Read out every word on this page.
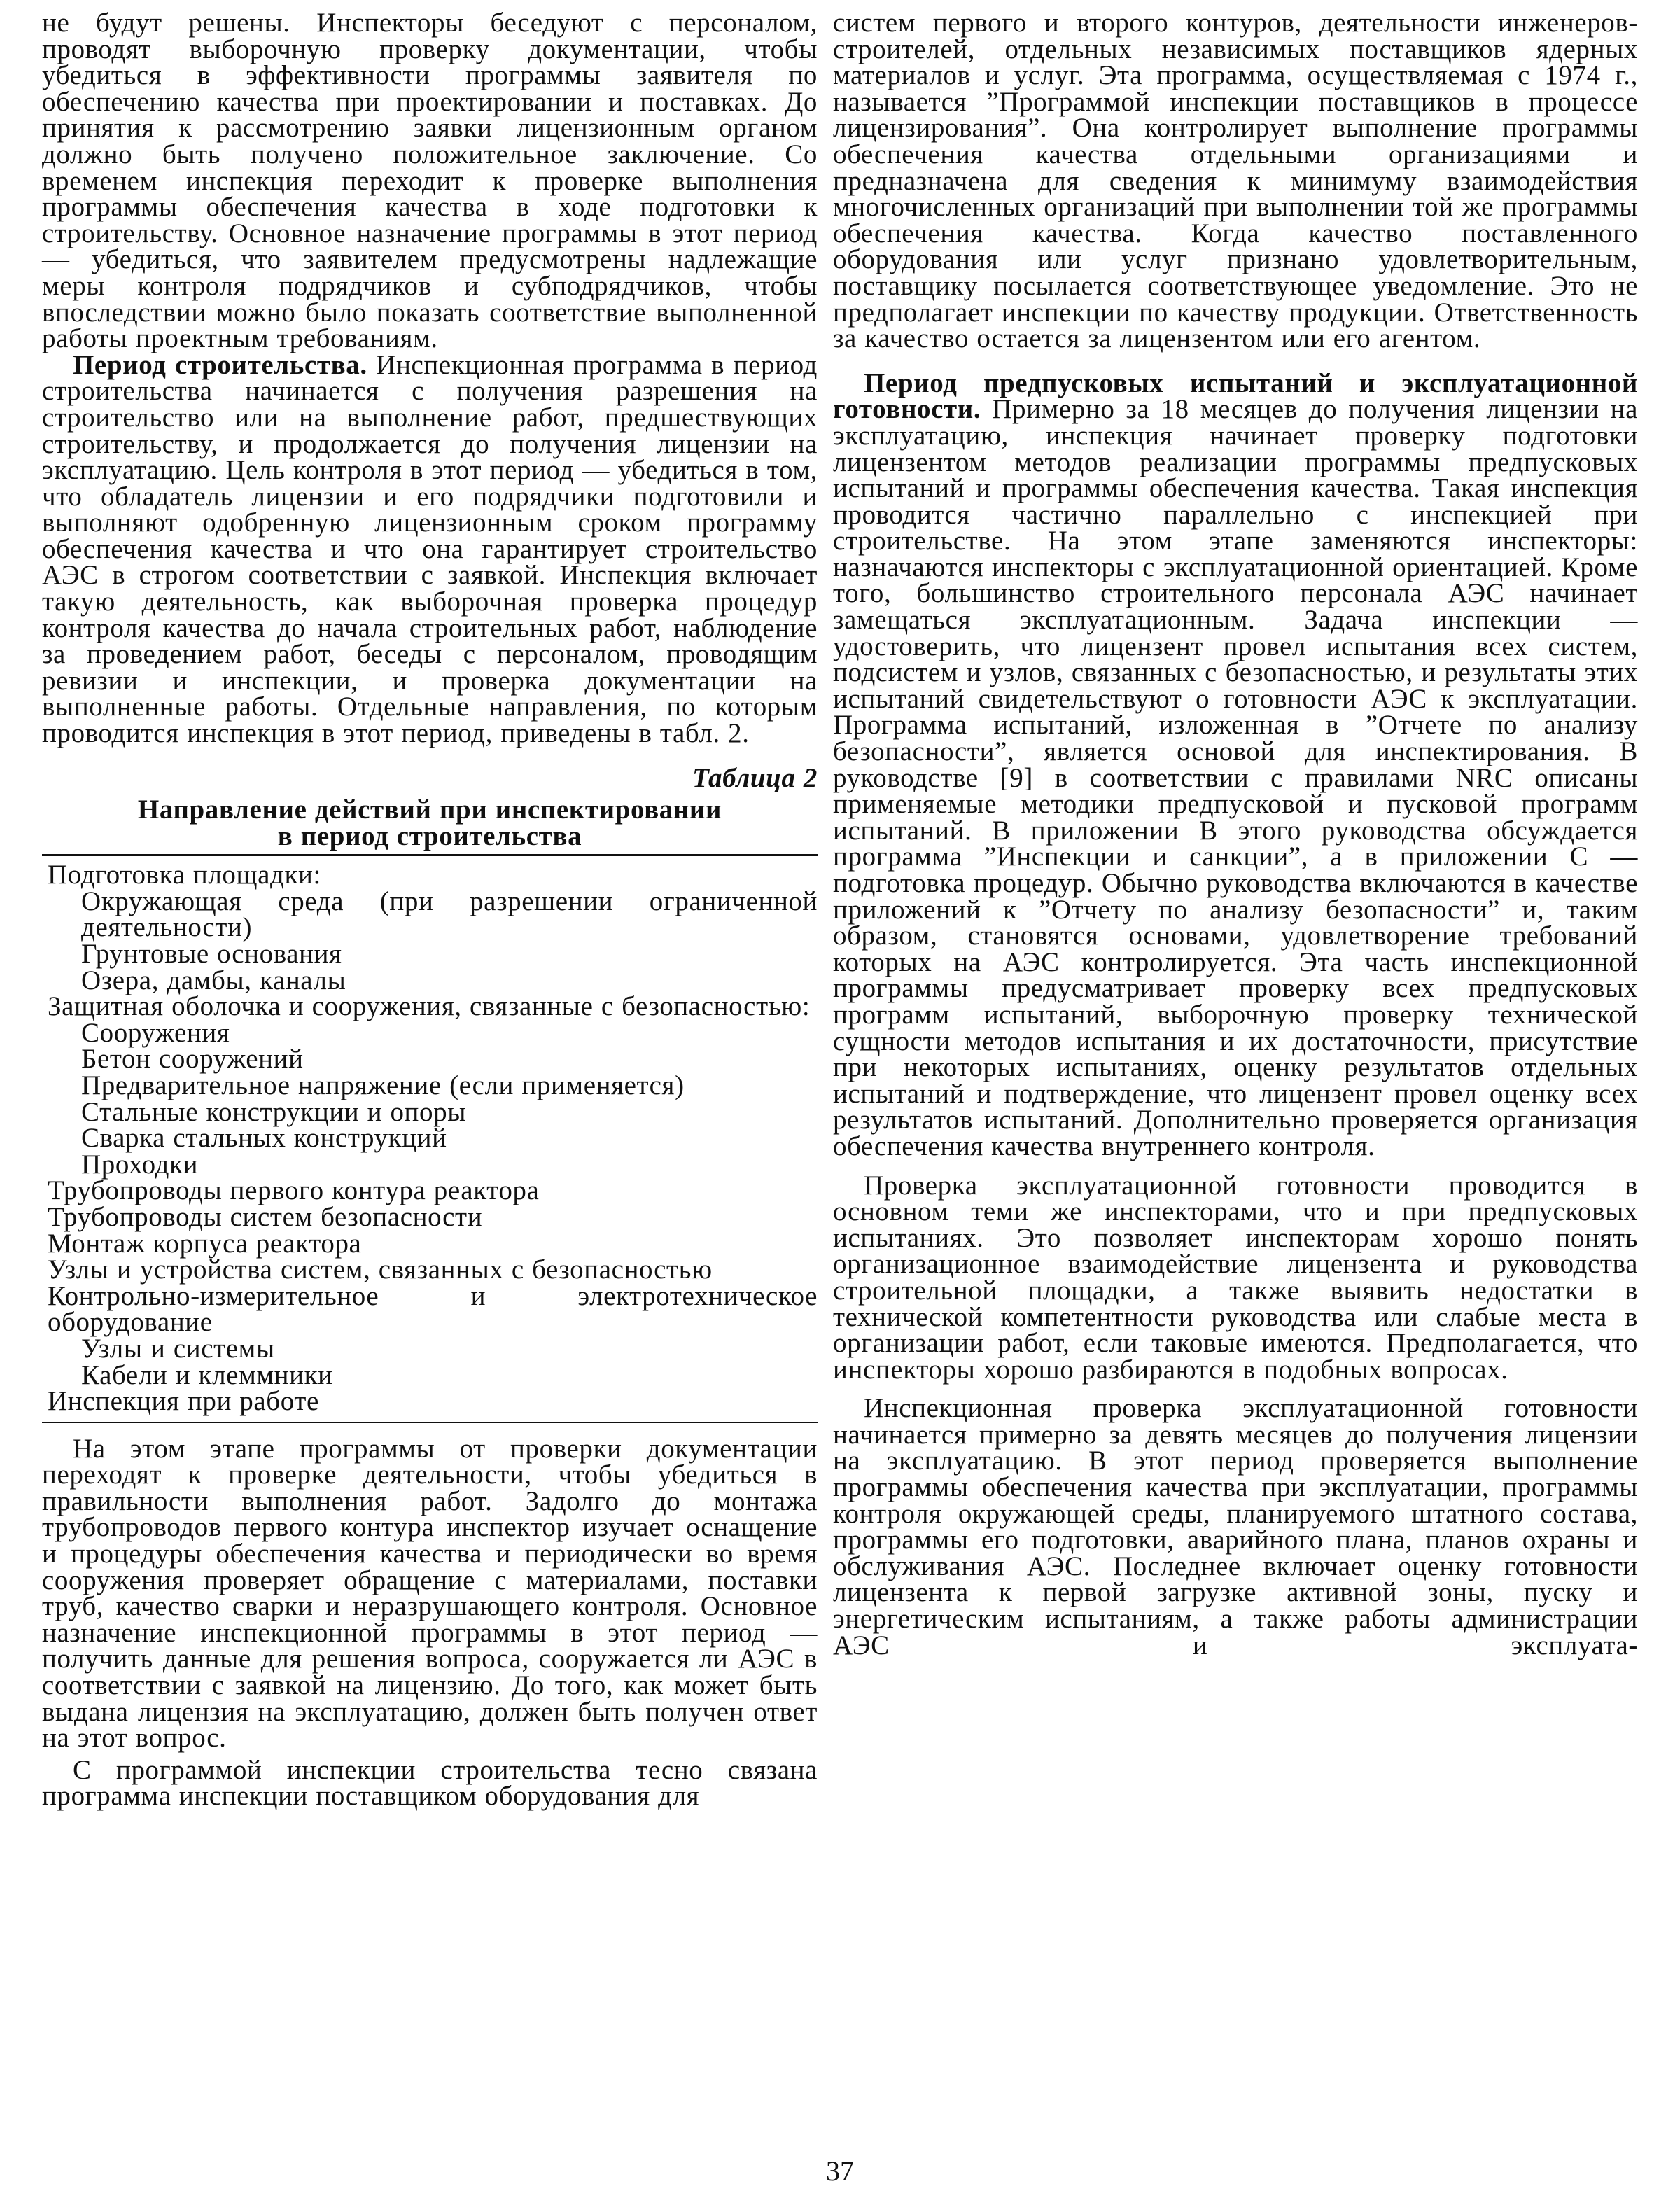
не будут решены. Инспекторы беседуют с персоналом, проводят выборочную проверку документации, чтобы убедиться в эффективности программы заявителя по обеспечению качества при проектировании и поставках. До принятия к рассмотрению заявки лицензионным органом должно быть получено положительное заключение. Со временем инспекция переходит к проверке выполнения программы обеспечения качества в ходе подготовки к строительству. Основное назначение программы в этот период — убедиться, что заявителем предусмотрены надлежащие меры контроля подрядчиков и субподрядчиков, чтобы впоследствии можно было показать соответствие выполненной работы проектным требованиям.

Период строительства. Инспекционная программа в период строительства начинается с получения разрешения на строительство или на выполнение работ, предшествующих строительству, и продолжается до получения лицензии на эксплуатацию. Цель контроля в этот период — убедиться в том, что обладатель лицензии и его подрядчики подготовили и выполняют одобренную лицензионным сроком программу обеспечения качества и что она гарантирует строительство АЭС в строгом соответствии с заявкой. Инспекция включает такую деятельность, как выборочная проверка процедур контроля качества до начала строительных работ, наблюдение за проведением работ, беседы с персоналом, проводящим ревизии и инспекции, и проверка документации на выполненные работы. Отдельные направления, по которым проводится инспекция в этот период, приведены в табл. 2.

Таблица 2
Направление действий при инспектировании
в период строительства
Подготовка площадки:
Окружающая среда (при разрешении ограниченной деятельности)
Грунтовые основания
Озера, дамбы, каналы
Защитная оболочка и сооружения, связанные с безопасностью:
Сооружения
Бетон сооружений
Предварительное напряжение (если применяется)
Стальные конструкции и опоры
Сварка стальных конструкций
Проходки
Трубопроводы первого контура реактора
Трубопроводы систем безопасности
Монтаж корпуса реактора
Узлы и устройства систем, связанных с безопасностью
Контрольно-измерительное и электротехническое оборудование
Узлы и системы
Кабели и клеммники
Инспекция при работе

На этом этапе программы от проверки документации переходят к проверке деятельности, чтобы убедиться в правильности выполнения работ. Задолго до монтажа трубопроводов первого контура инспектор изучает оснащение и процедуры обеспечения качества и периодически во время сооружения проверяет обращение с материалами, поставки труб, качество сварки и неразрушающего контроля. Основное назначение инспекционной программы в этот период — получить данные для решения вопроса, сооружается ли АЭС в соответствии с заявкой на лицензию. До того, как может быть выдана лицензия на эксплуатацию, должен быть получен ответ на этот вопрос.

С программой инспекции строительства тесно связана программа инспекции поставщиком оборудования для

систем первого и второго контуров, деятельности инженеров-строителей, отдельных независимых поставщиков ядерных материалов и услуг. Эта программа, осуществляемая с 1974 г., называется ”Программой инспекции поставщиков в процессе лицензирования”. Она контролирует выполнение программы обеспечения качества отдельными организациями и предназначена для сведения к минимуму взаимодействия многочисленных организаций при выполнении той же программы обеспечения качества. Когда качество поставленного оборудования или услуг признано удовлетворительным, поставщику посылается соответствующее уведомление. Это не предполагает инспекции по качеству продукции. Ответственность за качество остается за лицензентом или его агентом.

Период предпусковых испытаний и эксплуатационной готовности. Примерно за 18 месяцев до получения лицензии на эксплуатацию, инспекция начинает проверку подготовки лицензентом методов реализации программы предпусковых испытаний и программы обеспечения качества. Такая инспекция проводится частично параллельно с инспекцией при строительстве. На этом этапе заменяются инспекторы: назначаются инспекторы с эксплуатационной ориентацией. Кроме того, большинство строительного персонала АЭС начинает замещаться эксплуатационным. Задача инспекции — удостоверить, что лицензент провел испытания всех систем, подсистем и узлов, связанных с безопасностью, и результаты этих испытаний свидетельствуют о готовности АЭС к эксплуатации. Программа испытаний, изложенная в ”Отчете по анализу безопасности”, является основой для инспектирования. В руководстве [9] в соответствии с правилами NRC описаны применяемые методики предпусковой и пусковой программ испытаний. В приложении В этого руководства обсуждается программа ”Инспекции и санкции”, а в приложении С — подготовка процедур. Обычно руководства включаются в качестве приложений к ”Отчету по анализу безопасности” и, таким образом, становятся основами, удовлетворение требований которых на АЭС контролируется. Эта часть инспекционной программы предусматривает проверку всех предпусковых программ испытаний, выборочную проверку технической сущности методов испытания и их достаточности, присутствие при некоторых испытаниях, оценку результатов отдельных испытаний и подтверждение, что лицензент провел оценку всех результатов испытаний. Дополнительно проверяется организация обеспечения качества внутреннего контроля.

Проверка эксплуатационной готовности проводится в основном теми же инспекторами, что и при предпусковых испытаниях. Это позволяет инспекторам хорошо понять организационное взаимодействие лицензента и руководства строительной площадки, а также выявить недостатки в технической компетентности руководства или слабые места в организации работ, если таковые имеются. Предполагается, что инспекторы хорошо разбираются в подобных вопросах.

Инспекционная проверка эксплуатационной готовности начинается примерно за девять месяцев до получения лицензии на эксплуатацию. В этот период проверяется выполнение программы обеспечения качества при эксплуатации, программы контроля окружающей среды, планируемого штатного состава, программы его подготовки, аварийного плана, планов охраны и обслуживания АЭС. Последнее включает оценку готовности лицензента к первой загрузке активной зоны, пуску и энергетическим испытаниям, а также работы администрации АЭС и эксплуата-

37
